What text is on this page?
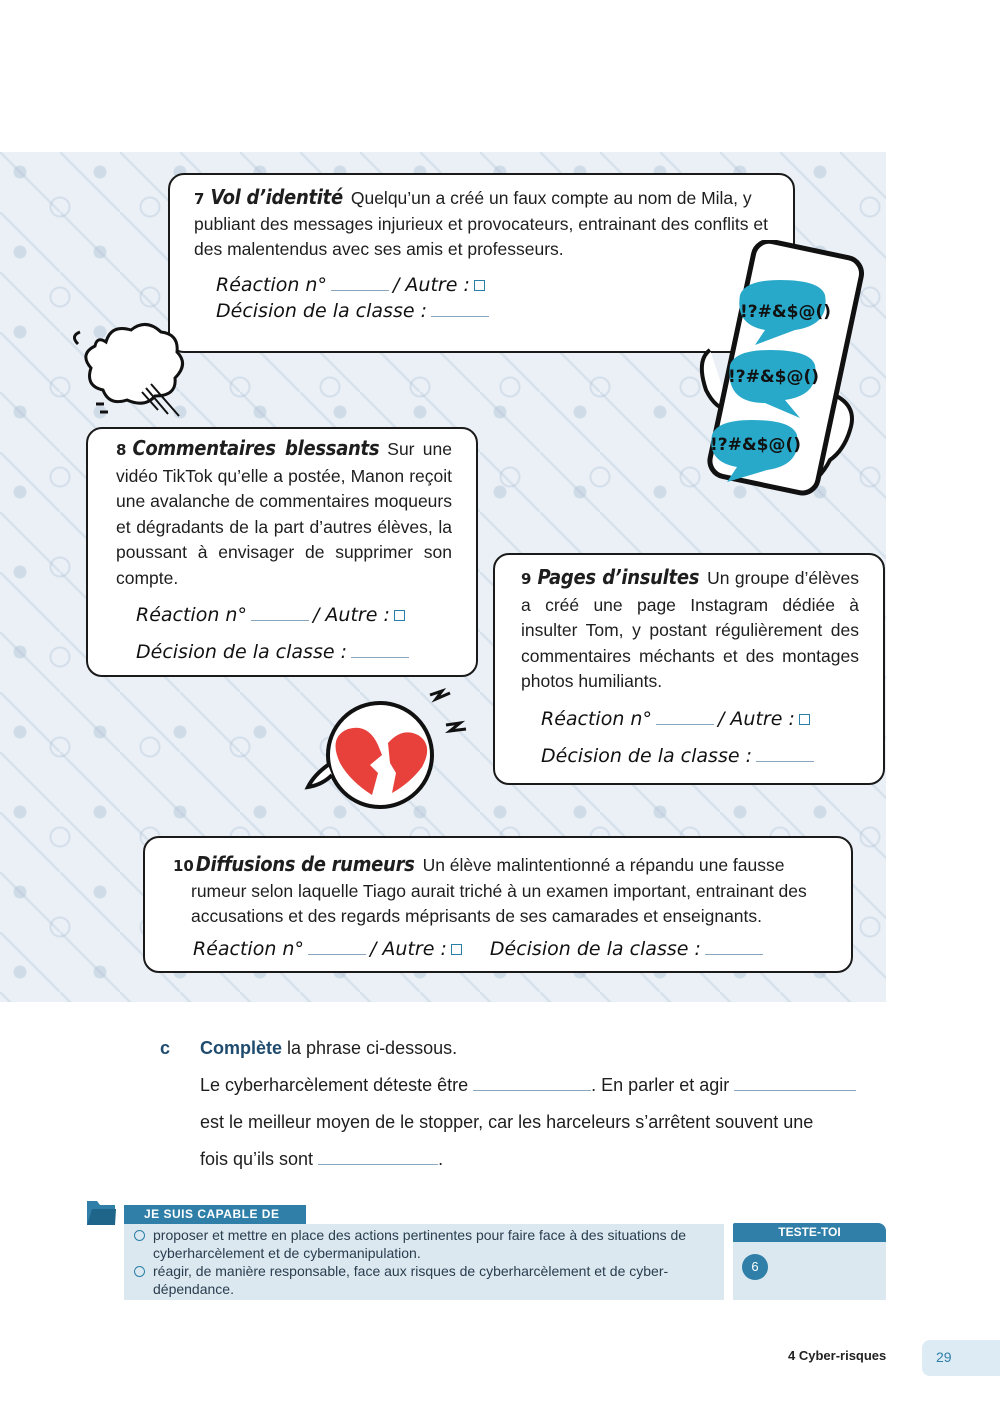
7 Vol d’identité Quelqu’un a créé un faux compte au nom de Mila, y publiant des messages injurieux et provocateurs, entrainant des conflits et des malentendus avec ses amis et professeurs.
Réaction n°	/ Autre :
Décision de la classe :	!?#&$@()
!?#&$@()
!?#&$@()
8 Commentaires blessants Sur une vidéo TikTok qu’elle a postée, Manon reçoit une avalanche de commentaires moqueurs et dégradants de la part d’autres élèves, la poussant à envisager de supprimer son compte.
Réaction n°	/ Autre :
Décision de la classe :
9 Pages d’insultes Un groupe d’élèves a créé une page Instagram dédiée à insulter Tom, y postant régulièrement des commentaires méchants et des montages photos humiliants.
Réaction n°	/ Autre :
Décision de la classe :
10 Diffusions de rumeurs Un élève malintentionné a répandu une fausse rumeur selon laquelle Tiago aurait triché à un examen important, entrainant des accusations et des regards méprisants de ses camarades et enseignants.
Réaction n°	/ Autre : Décision de la classe :
c Complète la phrase ci-dessous.
Le cyberharcèlement déteste être	. En parler et agir
est le meilleur moyen de le stopper, car les harceleurs s’arrêtent souvent une
fois qu’ils sont	.
JE SUIS CAPABLE DE
proposer et mettre en place des actions pertinentes pour faire face à des situations de cyberharcèlement et de cybermanipulation.
réagir, de manière responsable, face aux risques de cyberharcèlement et de cyber-dépendance.
TESTE-TOI
6
4 Cyber-risques	29
